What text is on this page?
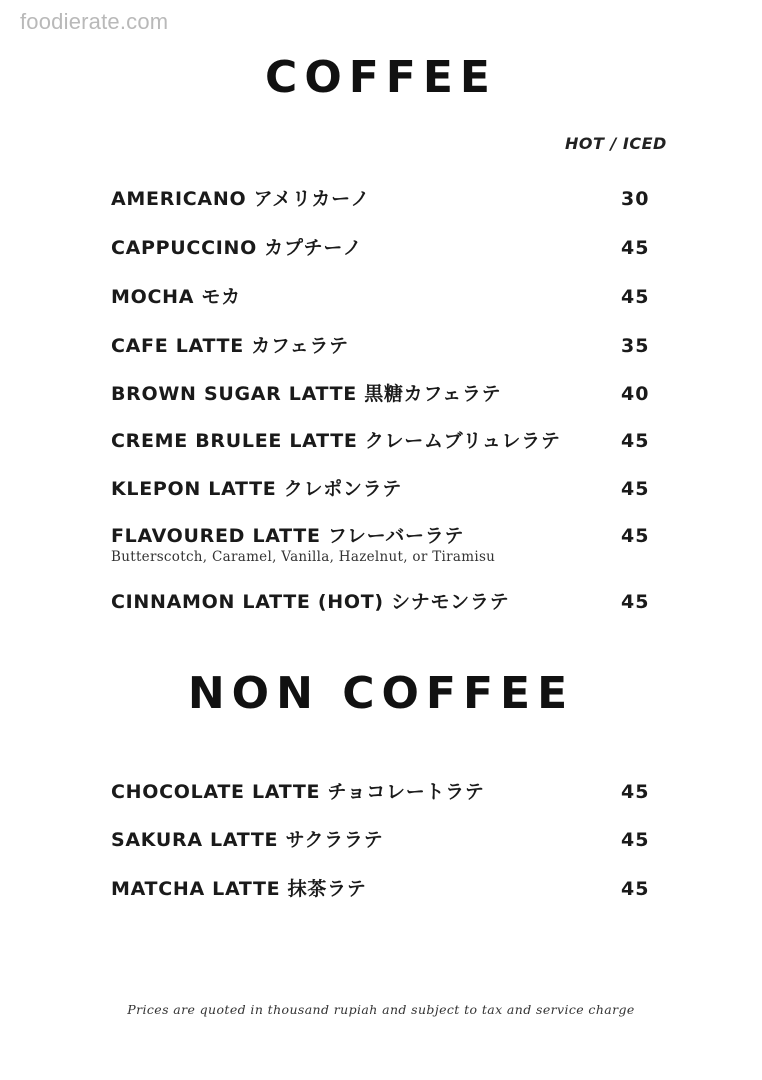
foodierate.com
COFFEE
HOT / ICED
AMERICANO アメリカーノ	30
CAPPUCCINO カプチーノ	45
MOCHA モカ	45
CAFE LATTE カフェラテ	35
BROWN SUGAR LATTE 黒糖カフェラテ	40
CREME BRULEE LATTE クレームブリュレラテ	45
KLEPON LATTE クレポンラテ	45
FLAVOURED LATTE フレーバーラテ	45
Butterscotch, Caramel, Vanilla, Hazelnut, or Tiramisu
CINNAMON LATTE (HOT) シナモンラテ	45
NON COFFEE
CHOCOLATE LATTE チョコレートラテ	45
SAKURA LATTE サクララテ	45
MATCHA LATTE 抹茶ラテ	45
Prices are quoted in thousand rupiah and subject to tax and service charge
